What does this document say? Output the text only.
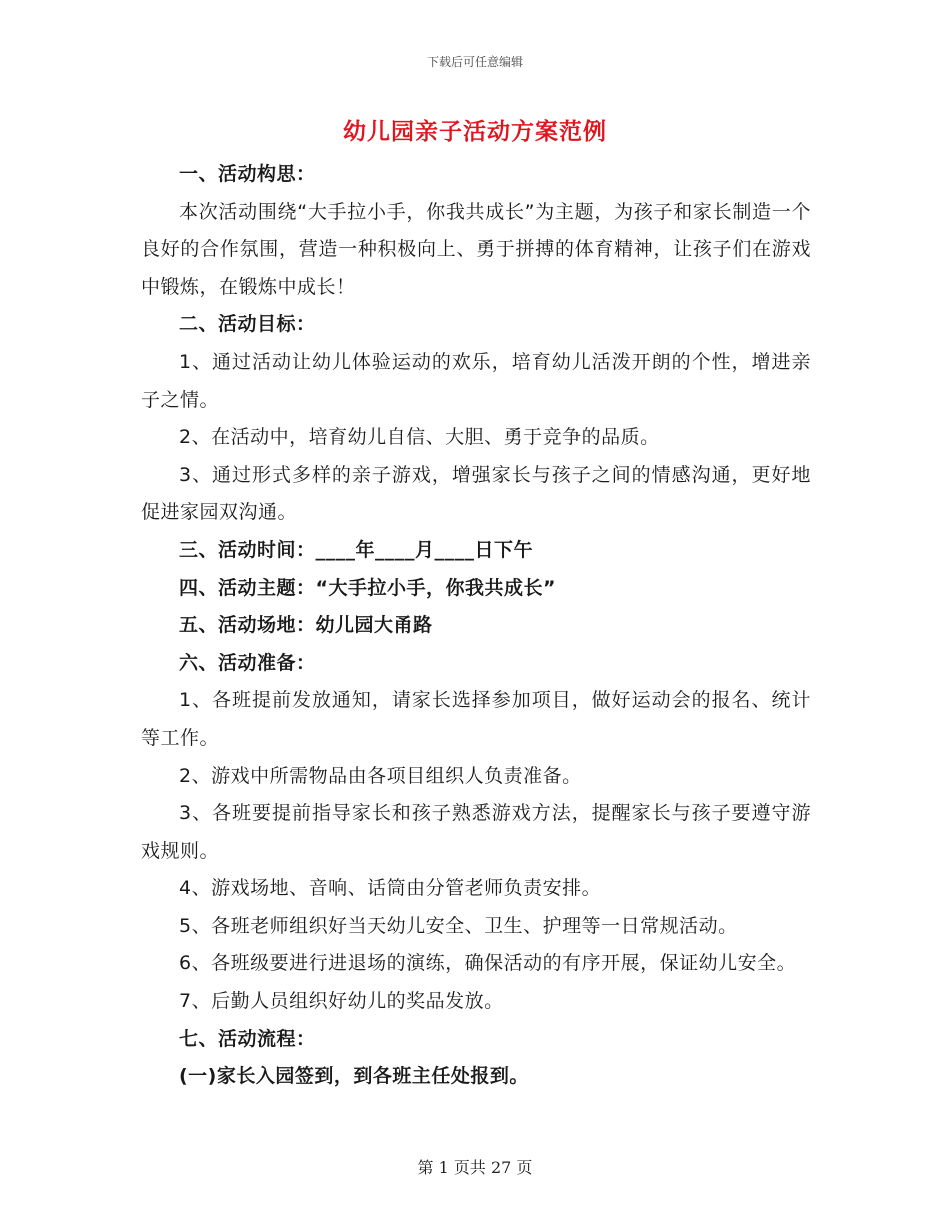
下载后可任意编辑
幼儿园亲子活动方案范例

一、活动构思：

本次活动围绕“大手拉小手，你我共成长”为主题，为孩子和家长制造一个良好的合作氛围，营造一种积极向上、勇于拼搏的体育精神，让孩子们在游戏中锻炼，在锻炼中成长！

二、活动目标：

1、通过活动让幼儿体验运动的欢乐，培育幼儿活泼开朗的个性，增进亲子之情。

2、在活动中，培育幼儿自信、大胆、勇于竞争的品质。

3、通过形式多样的亲子游戏，增强家长与孩子之间的情感沟通，更好地促进家园双沟通。

三、活动时间：____年____月____日下午

四、活动主题：“大手拉小手，你我共成长”

五、活动场地：幼儿园大甬路

六、活动准备：

1、各班提前发放通知，请家长选择参加项目，做好运动会的报名、统计等工作。

2、游戏中所需物品由各项目组织人负责准备。

3、各班要提前指导家长和孩子熟悉游戏方法，提醒家长与孩子要遵守游戏规则。

4、游戏场地、音响、话筒由分管老师负责安排。

5、各班老师组织好当天幼儿安全、卫生、护理等一日常规活动。

6、各班级要进行进退场的演练，确保活动的有序开展，保证幼儿安全。

7、后勤人员组织好幼儿的奖品发放。

七、活动流程：

(一)家长入园签到，到各班主任处报到。

第 1 页共 27 页
